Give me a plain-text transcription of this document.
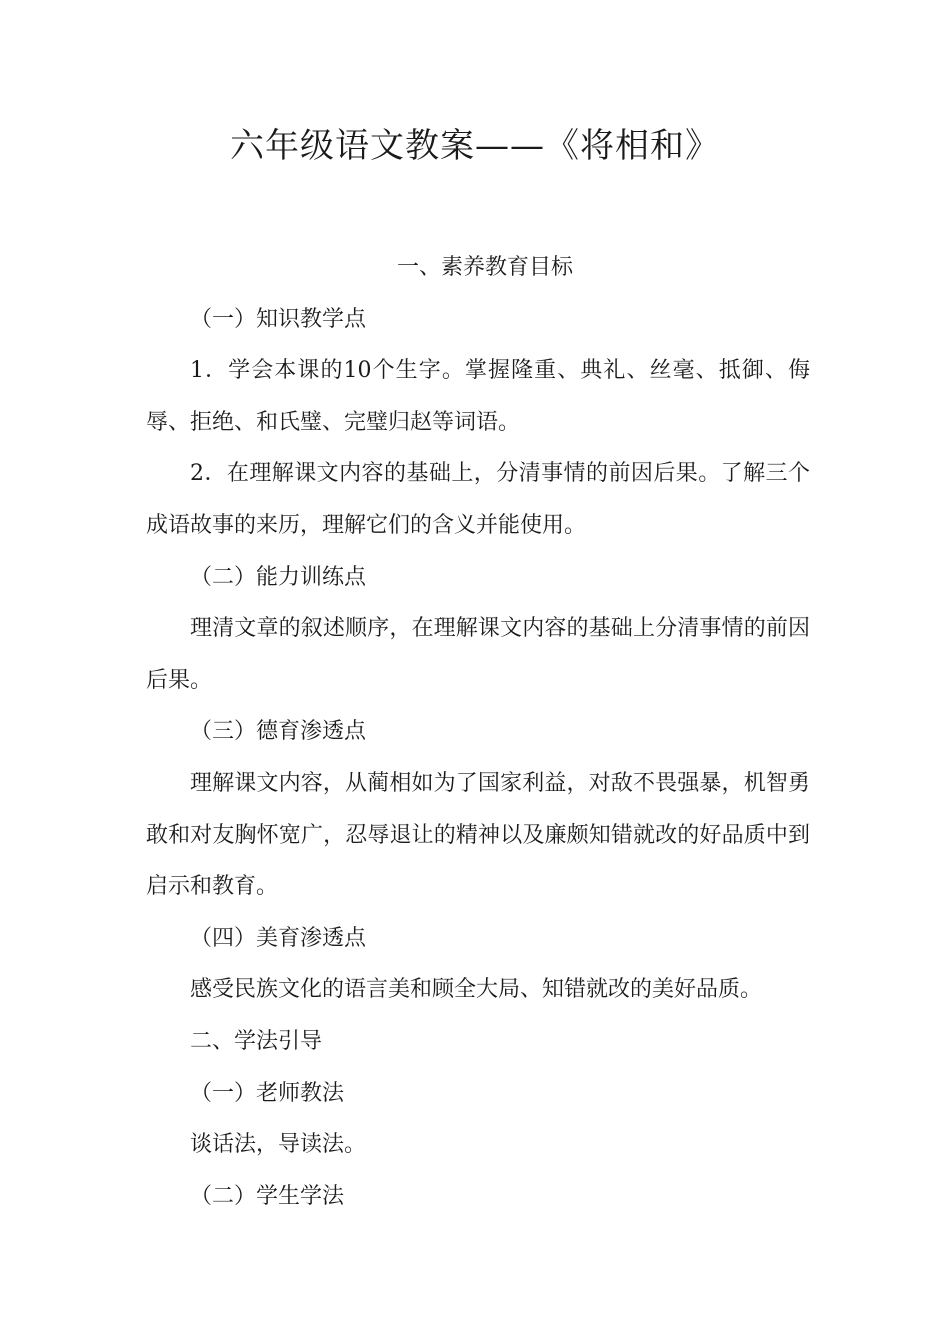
六年级语文教案——《将相和》

一、素养教育目标

（一）知识教学点

1．学会本课的10个生字。掌握隆重、典礼、丝毫、抵御、侮辱、拒绝、和氏璧、完璧归赵等词语。

2．在理解课文内容的基础上，分清事情的前因后果。了解三个成语故事的来历，理解它们的含义并能使用。

（二）能力训练点

理清文章的叙述顺序，在理解课文内容的基础上分清事情的前因后果。

（三）德育渗透点

理解课文内容，从蔺相如为了国家利益，对敌不畏强暴，机智勇敢和对友胸怀宽广，忍辱退让的精神以及廉颇知错就改的好品质中到启示和教育。

（四）美育渗透点

感受民族文化的语言美和顾全大局、知错就改的美好品质。

二、学法引导

（一）老师教法

谈话法，导读法。

（二）学生学法
